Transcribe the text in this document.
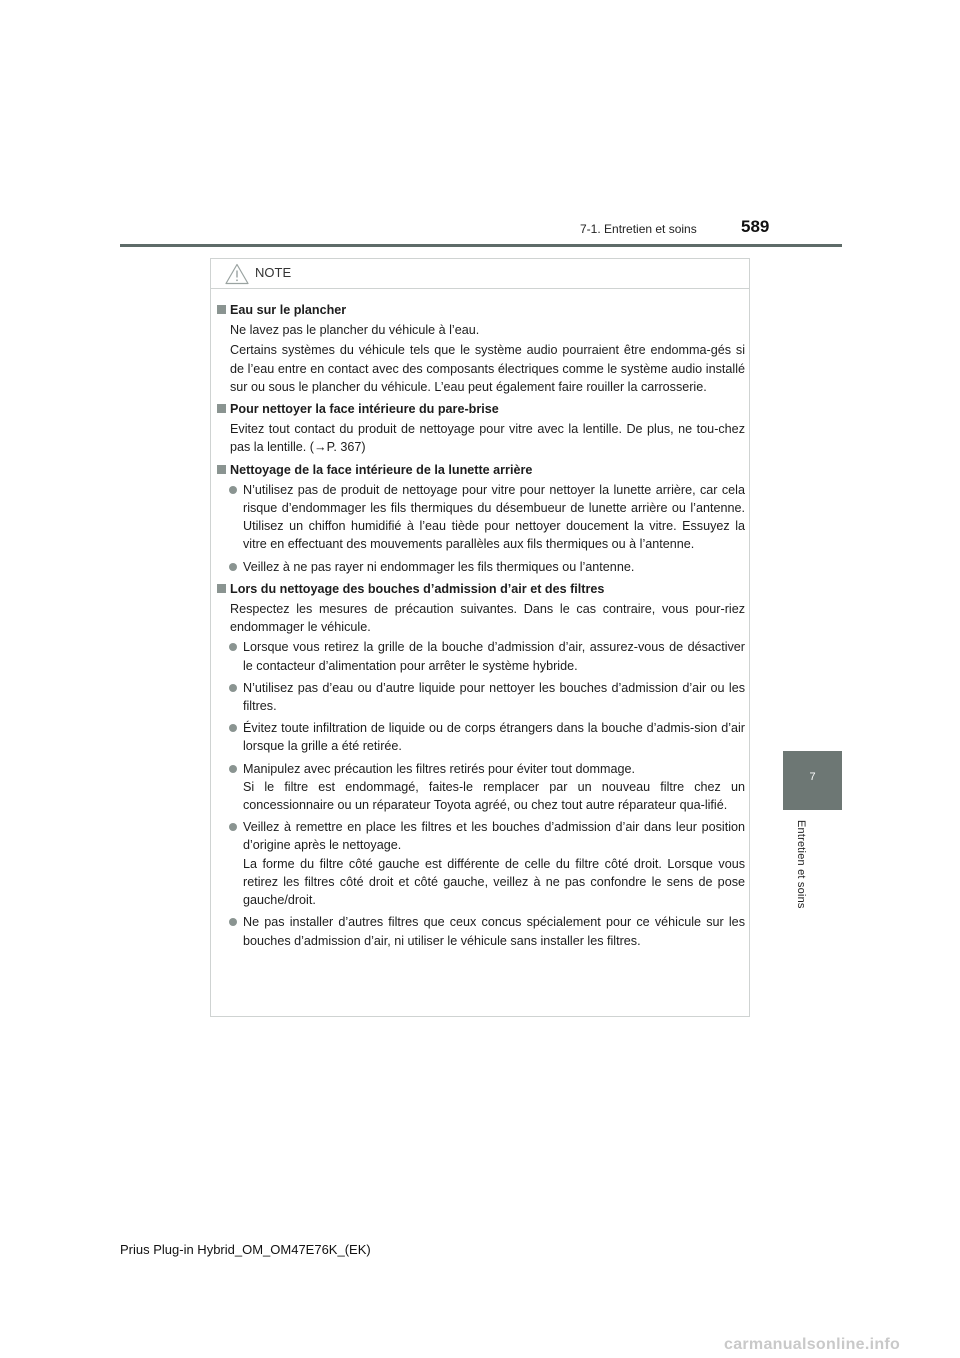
7-1. Entretien et soins	589
7
Entretien et soins
NOTE
Eau sur le plancher
Ne lavez pas le plancher du véhicule à l’eau.
Certains systèmes du véhicule tels que le système audio pourraient être endomma-gés si de l’eau entre en contact avec des composants électriques comme le système audio installé sur ou sous le plancher du véhicule. L’eau peut également faire rouiller la carrosserie.
Pour nettoyer la face intérieure du pare-brise
Evitez tout contact du produit de nettoyage pour vitre avec la lentille. De plus, ne tou-chez pas la lentille. (→P. 367)
Nettoyage de la face intérieure de la lunette arrière
N’utilisez pas de produit de nettoyage pour vitre pour nettoyer la lunette arrière, car cela risque d’endommager les fils thermiques du désembueur de lunette arrière ou l’antenne. Utilisez un chiffon humidifié à l’eau tiède pour nettoyer doucement la vitre. Essuyez la vitre en effectuant des mouvements parallèles aux fils thermiques ou à l’antenne.
Veillez à ne pas rayer ni endommager les fils thermiques ou l’antenne.
Lors du nettoyage des bouches d’admission d’air et des filtres
Respectez les mesures de précaution suivantes. Dans le cas contraire, vous pour-riez endommager le véhicule.
Lorsque vous retirez la grille de la bouche d’admission d’air, assurez-vous de désactiver le contacteur d’alimentation pour arrêter le système hybride.
N’utilisez pas d’eau ou d’autre liquide pour nettoyer les bouches d’admission d’air ou les filtres.
Évitez toute infiltration de liquide ou de corps étrangers dans la bouche d’admis-sion d’air lorsque la grille a été retirée.
Manipulez avec précaution les filtres retirés pour éviter tout dommage.
Si le filtre est endommagé, faites-le remplacer par un nouveau filtre chez un concessionnaire ou un réparateur Toyota agréé, ou chez tout autre réparateur qua-lifié.
Veillez à remettre en place les filtres et les bouches d’admission d’air dans leur position d’origine après le nettoyage.
La forme du filtre côté gauche est différente de celle du filtre côté droit. Lorsque vous retirez les filtres côté droit et côté gauche, veillez à ne pas confondre le sens de pose gauche/droit.
Ne pas installer d’autres filtres que ceux concus spécialement pour ce véhicule sur les bouches d’admission d’air, ni utiliser le véhicule sans installer les filtres.
Prius Plug-in Hybrid_OM_OM47E76K_(EK)
carmanualsonline.info
